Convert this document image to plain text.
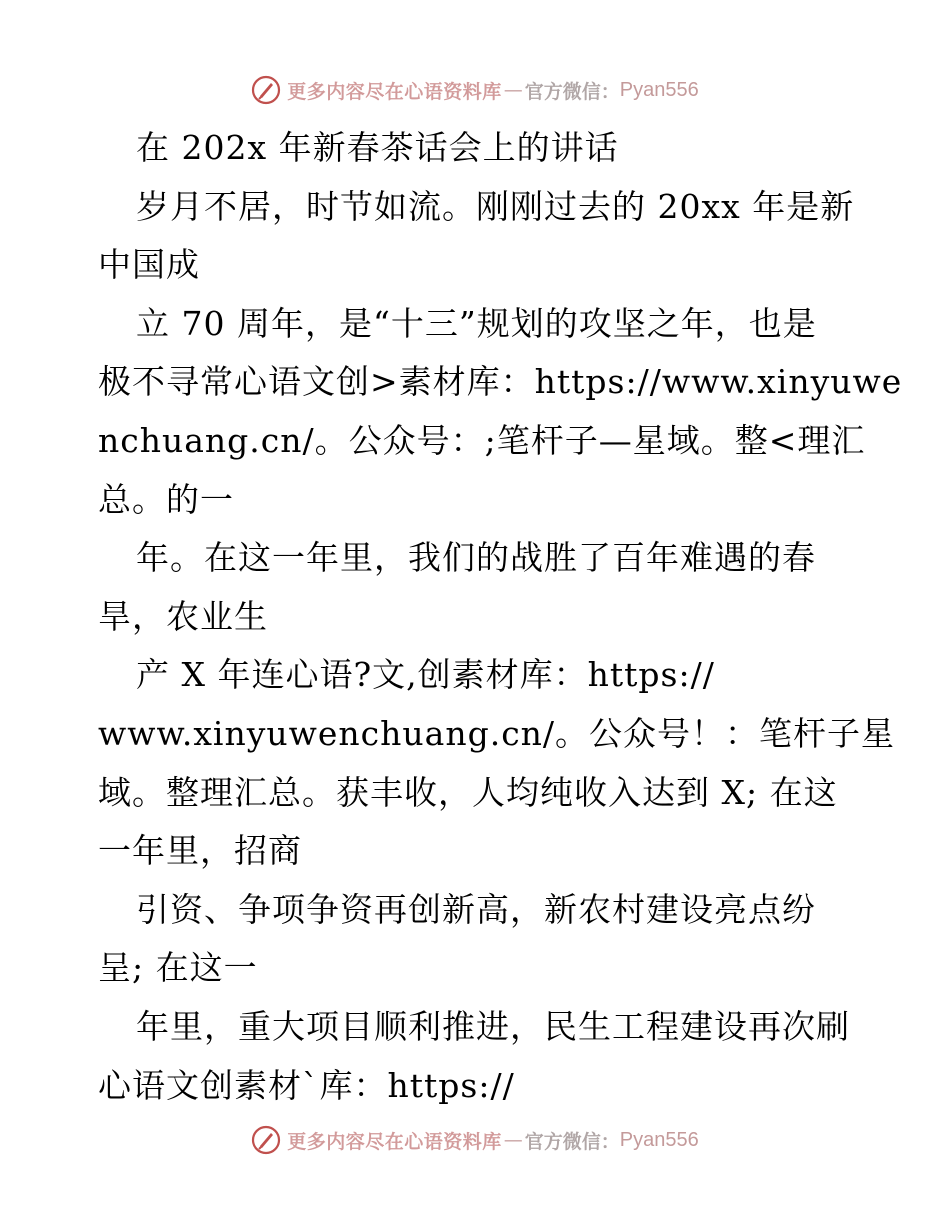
更多内容尽在心语资料库 — 官方微信： Pyan556
在 202x 年新春茶话会上的讲话
岁月不居，时节如流。刚刚过去的 20xx 年是新
中国成
立 70 周年，是“十三”规划的攻坚之年，也是
极不寻常心语文创>素材库：https://www.xinyuwe
nchuang.cn/。公众号：;笔杆子—星域。整<理汇
总。的一
年。在这一年里，我们的战胜了百年难遇的春
旱，农业生
产 X 年连心语?文,创素材库：https://
www.xinyuwenchuang.cn/。公众号！：笔杆子星
域。整理汇总。获丰收，人均纯收入达到 X; 在这
一年里，招商
引资、争项争资再创新高，新农村建设亮点纷
呈; 在这一
年里，重大项目顺利推进，民生工程建设再次刷
心语文创素材`库：https://
更多内容尽在心语资料库 — 官方微信： Pyan556
